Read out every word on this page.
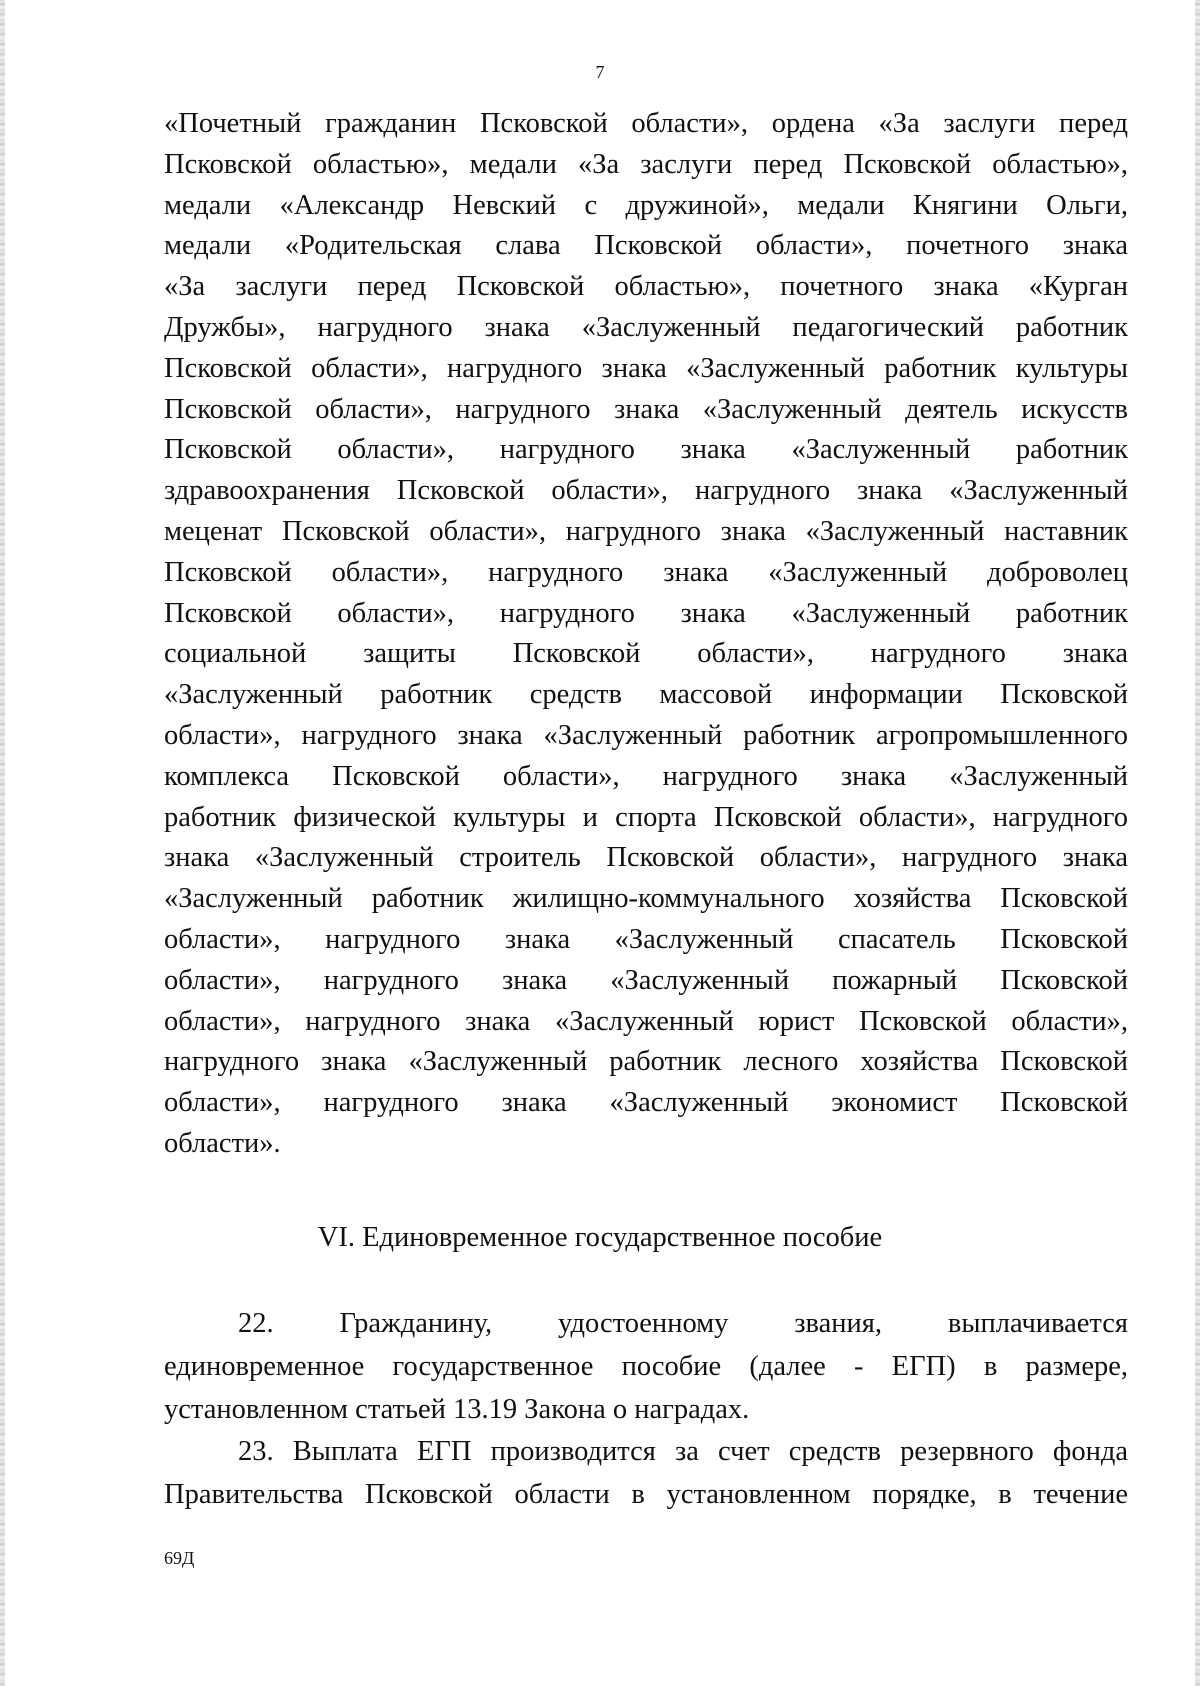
7
«Почетный гражданин Псковской области», ордена «За заслуги перед
Псковской областью», медали «За заслуги перед Псковской областью»,
медали «Александр Невский с дружиной», медали Княгини Ольги,
медали «Родительская слава Псковской области», почетного знака
«За заслуги перед Псковской областью», почетного знака «Курган
Дружбы», нагрудного знака «Заслуженный педагогический работник
Псковской области», нагрудного знака «Заслуженный работник культуры
Псковской области», нагрудного знака «Заслуженный деятель искусств
Псковской области», нагрудного знака «Заслуженный работник
здравоохранения Псковской области», нагрудного знака «Заслуженный
меценат Псковской области», нагрудного знака «Заслуженный наставник
Псковской области», нагрудного знака «Заслуженный доброволец
Псковской области», нагрудного знака «Заслуженный работник
социальной защиты Псковской области», нагрудного знака
«Заслуженный работник средств массовой информации Псковской
области», нагрудного знака «Заслуженный работник агропромышленного
комплекса Псковской области», нагрудного знака «Заслуженный
работник физической культуры и спорта Псковской области», нагрудного
знака «Заслуженный строитель Псковской области», нагрудного знака
«Заслуженный работник жилищно-коммунального хозяйства Псковской
области», нагрудного знака «Заслуженный спасатель Псковской
области», нагрудного знака «Заслуженный пожарный Псковской
области», нагрудного знака «Заслуженный юрист Псковской области»,
нагрудного знака «Заслуженный работник лесного хозяйства Псковской
области», нагрудного знака «Заслуженный экономист Псковской
области».
VI. Единовременное государственное пособие
22. Гражданину, удостоенному звания, выплачивается
единовременное государственное пособие (далее - ЕГП) в размере,
установленном статьей 13.19 Закона о наградах.
23. Выплата ЕГП производится за счет средств резервного фонда
Правительства Псковской области в установленном порядке, в течение
69Д
